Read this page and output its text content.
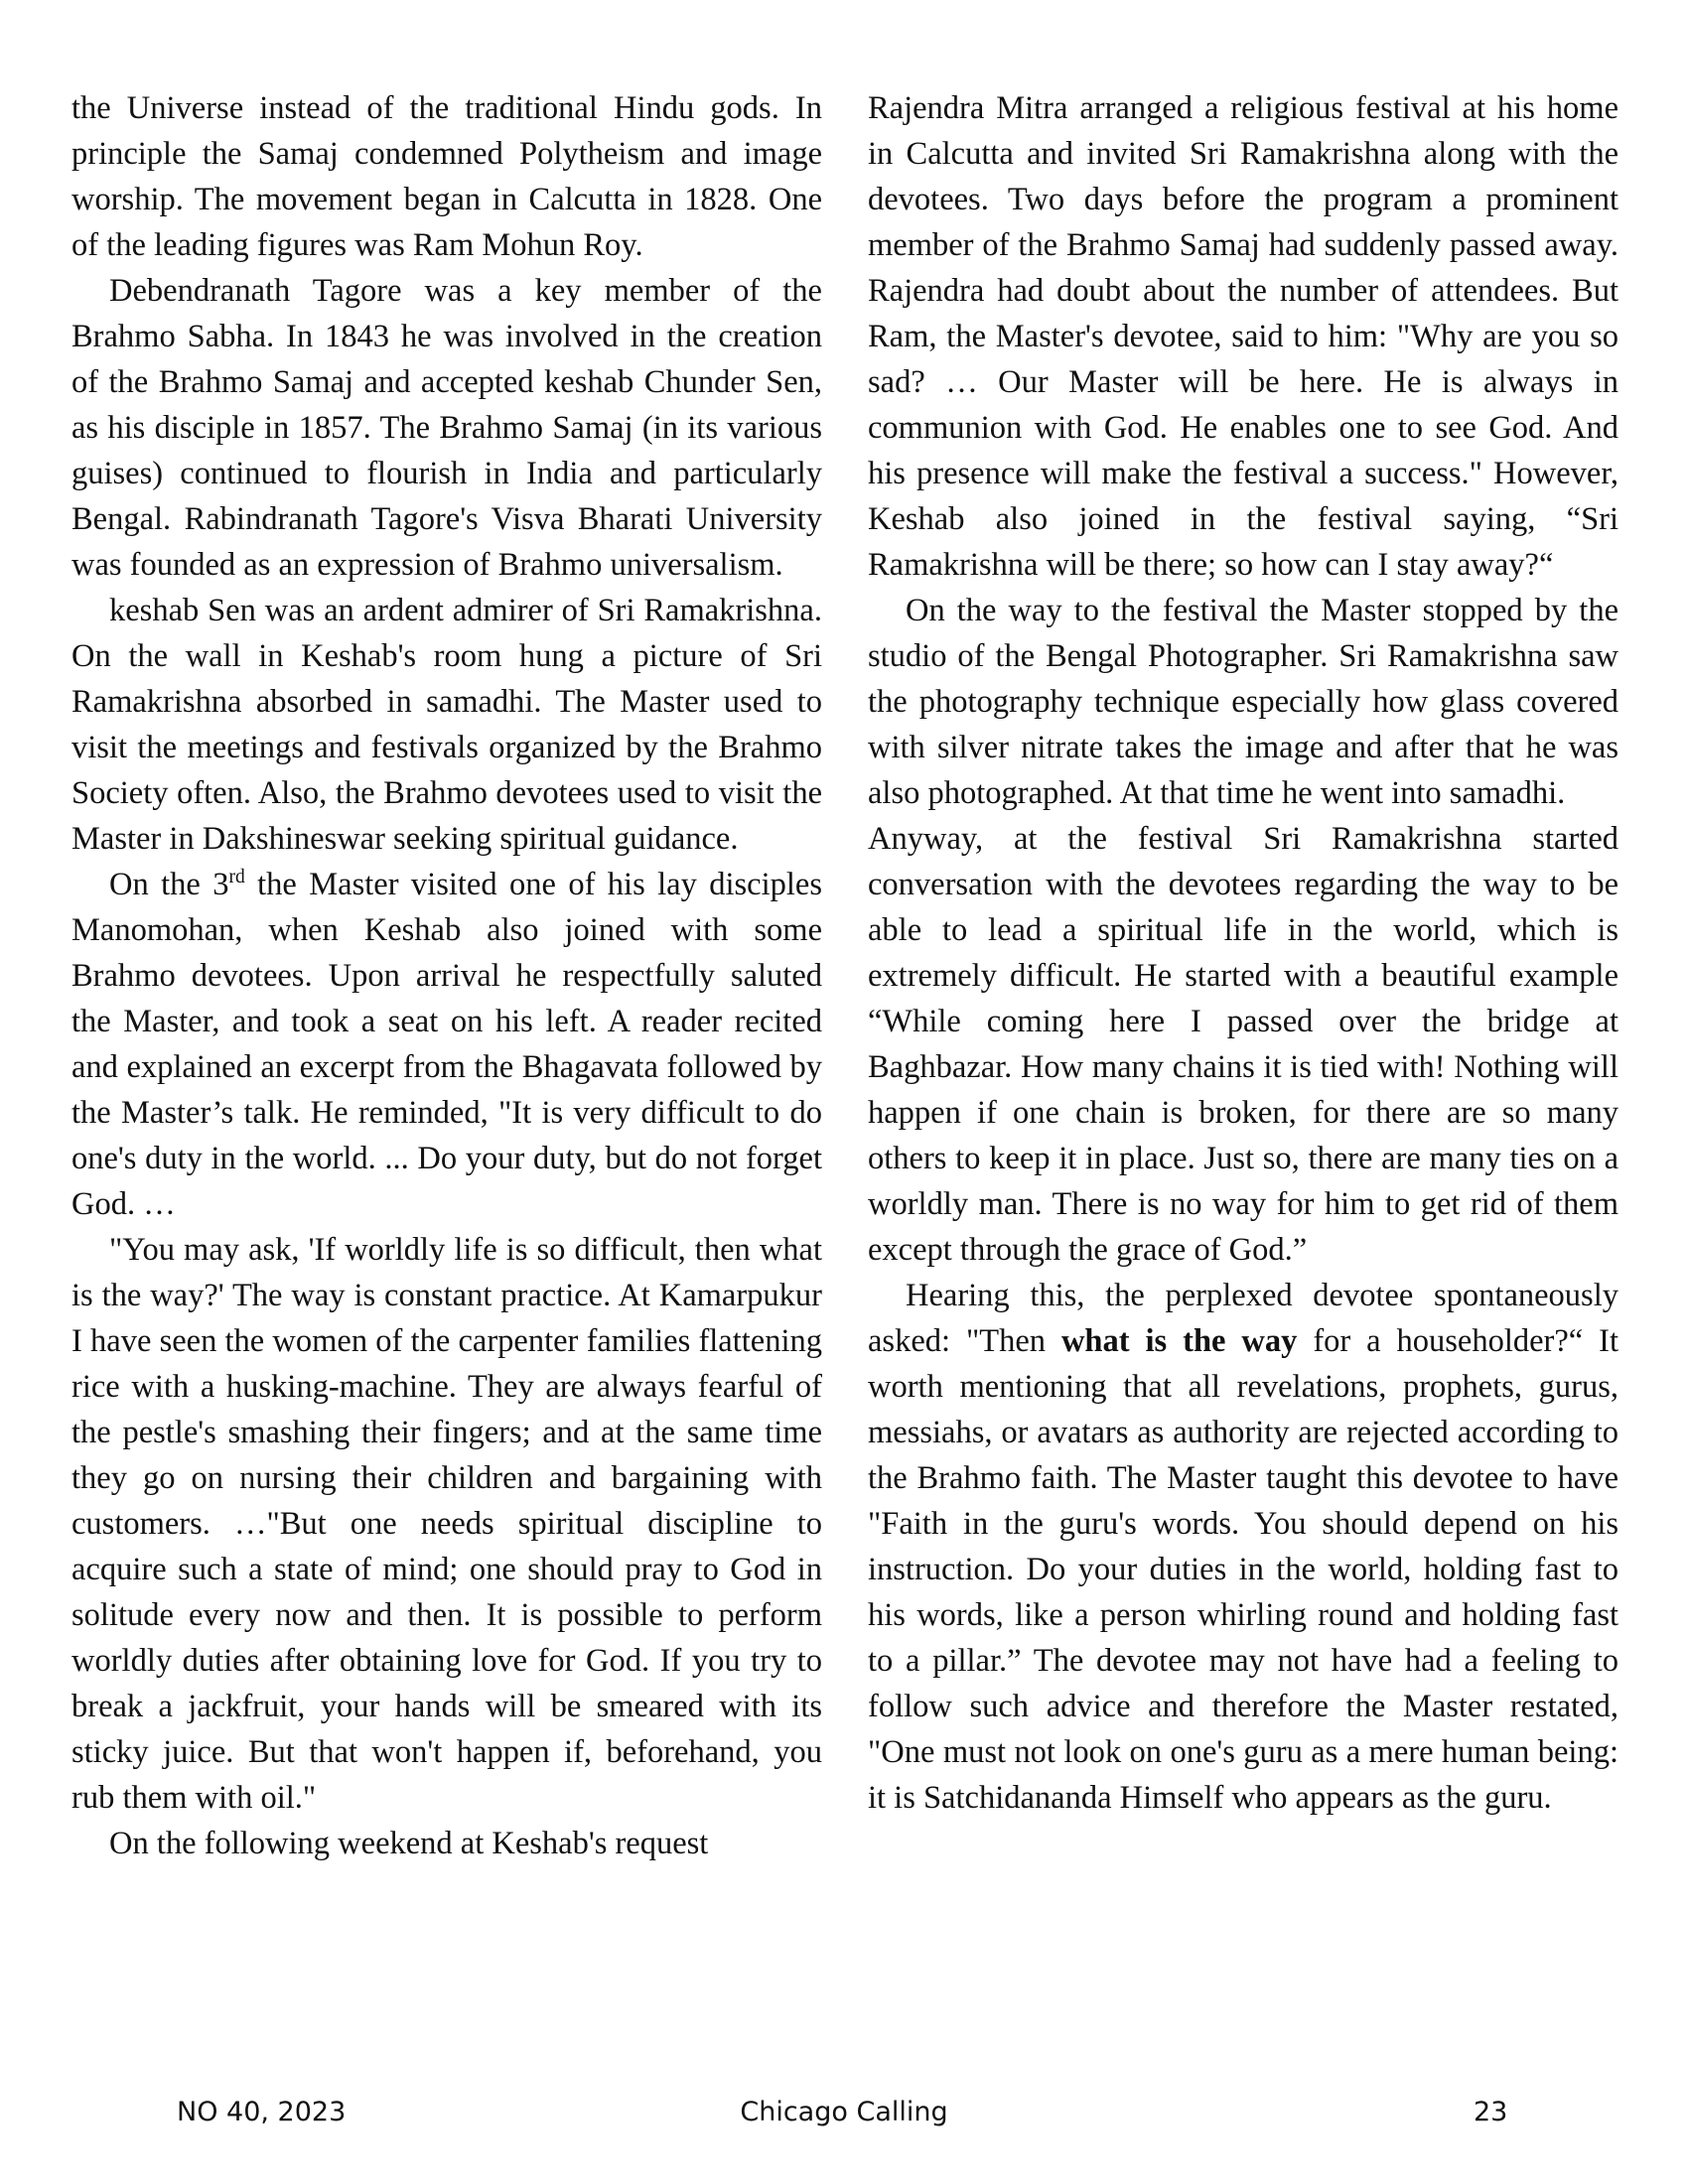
the Universe instead of the traditional Hindu gods. In principle the Samaj condemned Polytheism and image worship. The movement began in Calcutta in 1828. One of the leading figures was Ram Mohun Roy.

Debendranath Tagore was a key member of the Brahmo Sabha. In 1843 he was involved in the creation of the Brahmo Samaj and accepted keshab Chunder Sen, as his disciple in 1857. The Brahmo Samaj (in its various guises) continued to flourish in India and particularly Bengal. Rabindranath Tagore's Visva Bharati University was founded as an expression of Brahmo universalism.

keshab Sen was an ardent admirer of Sri Ramakrishna. On the wall in Keshab's room hung a picture of Sri Ramakrishna absorbed in samadhi. The Master used to visit the meetings and festivals organized by the Brahmo Society often. Also, the Brahmo devotees used to visit the Master in Dakshineswar seeking spiritual guidance.

On the 3rd the Master visited one of his lay disciples Manomohan, when Keshab also joined with some Brahmo devotees. Upon arrival he respectfully saluted the Master, and took a seat on his left. A reader recited and explained an excerpt from the Bhagavata followed by the Master’s talk. He reminded, "It is very difficult to do one's duty in the world. ... Do your duty, but do not forget God. …

"You may ask, 'If worldly life is so difficult, then what is the way?' The way is constant practice. At Kamarpukur I have seen the women of the carpenter families flattening rice with a husking-machine. They are always fearful of the pestle's smashing their fingers; and at the same time they go on nursing their children and bargaining with customers. …"But one needs spiritual discipline to acquire such a state of mind; one should pray to God in solitude every now and then. It is possible to perform worldly duties after obtaining love for God. If you try to break a jackfruit, your hands will be smeared with its sticky juice. But that won't happen if, beforehand, you rub them with oil."

On the following weekend at Keshab's request

Rajendra Mitra arranged a religious festival at his home in Calcutta and invited Sri Ramakrishna along with the devotees. Two days before the program a prominent member of the Brahmo Samaj had suddenly passed away. Rajendra had doubt about the number of attendees. But Ram, the Master's devotee, said to him: "Why are you so sad? … Our Master will be here. He is always in communion with God. He enables one to see God. And his presence will make the festival a success." However, Keshab also joined in the festival saying, “Sri Ramakrishna will be there; so how can I stay away?“

On the way to the festival the Master stopped by the studio of the Bengal Photographer. Sri Ramakrishna saw the photography technique especially how glass covered with silver nitrate takes the image and after that he was also photographed. At that time he went into samadhi.

Anyway, at the festival Sri Ramakrishna started conversation with the devotees regarding the way to be able to lead a spiritual life in the world, which is extremely difficult. He started with a beautiful example “While coming here I passed over the bridge at Baghbazar. How many chains it is tied with! Nothing will happen if one chain is broken, for there are so many others to keep it in place. Just so, there are many ties on a worldly man. There is no way for him to get rid of them except through the grace of God.”

Hearing this, the perplexed devotee spontaneously asked: "Then what is the way for a householder?“ It worth mentioning that all revelations, prophets, gurus, messiahs, or avatars as authority are rejected according to the Brahmo faith. The Master taught this devotee to have "Faith in the guru's words. You should depend on his instruction. Do your duties in the world, holding fast to his words, like a person whirling round and holding fast to a pillar.” The devotee may not have had a feeling to follow such advice and therefore the Master restated, "One must not look on one's guru as a mere human being: it is Satchidananda Himself who appears as the guru.

NO 40, 2023	Chicago Calling	23
